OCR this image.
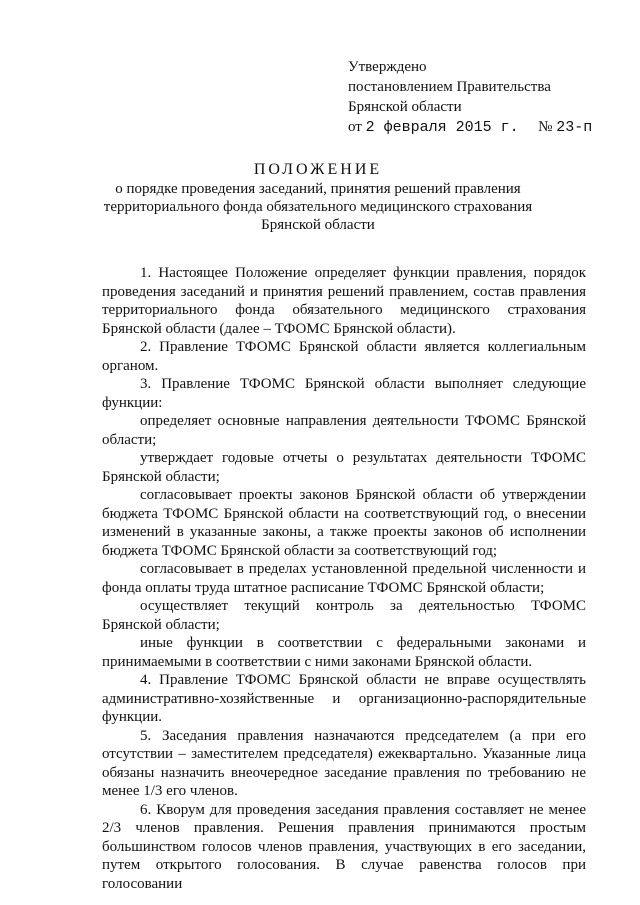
Утверждено
постановлением Правительства
Брянской области
от 2 февраля 2015 г. № 23-п
ПОЛОЖЕНИЕ
о порядке проведения заседаний, принятия решений правления
территориального фонда обязательного медицинского страхования
Брянской области

1. Настоящее Положение определяет функции правления, порядок проведения заседаний и принятия решений правлением, состав правления территориального фонда обязательного медицинского страхования Брянской области (далее – ТФОМС Брянской области).

2. Правление ТФОМС Брянской области является коллегиальным органом.

3. Правление ТФОМС Брянской области выполняет следующие функции:

определяет основные направления деятельности ТФОМС Брянской области;

утверждает годовые отчеты о результатах деятельности ТФОМС Брянской области;

согласовывает проекты законов Брянской области об утверждении бюджета ТФОМС Брянской области на соответствующий год, о внесении изменений в указанные законы, а также проекты законов об исполнении бюджета ТФОМС Брянской области за соответствующий год;

согласовывает в пределах установленной предельной численности и фонда оплаты труда штатное расписание ТФОМС Брянской области;

осуществляет текущий контроль за деятельностью ТФОМС Брянской области;

иные функции в соответствии с федеральными законами и принимаемыми в соответствии с ними законами Брянской области.

4. Правление ТФОМС Брянской области не вправе осуществлять административно-хозяйственные и организационно-распорядительные функции.

5. Заседания правления назначаются председателем (а при его отсутствии – заместителем председателя) ежеквартально. Указанные лица обязаны назначить внеочередное заседание правления по требованию не менее 1/3 его членов.

6. Кворум для проведения заседания правления составляет не менее 2/3 членов правления. Решения правления принимаются простым большинством голосов членов правления, участвующих в его заседании, путем открытого голосования. В случае равенства голосов при голосовании
